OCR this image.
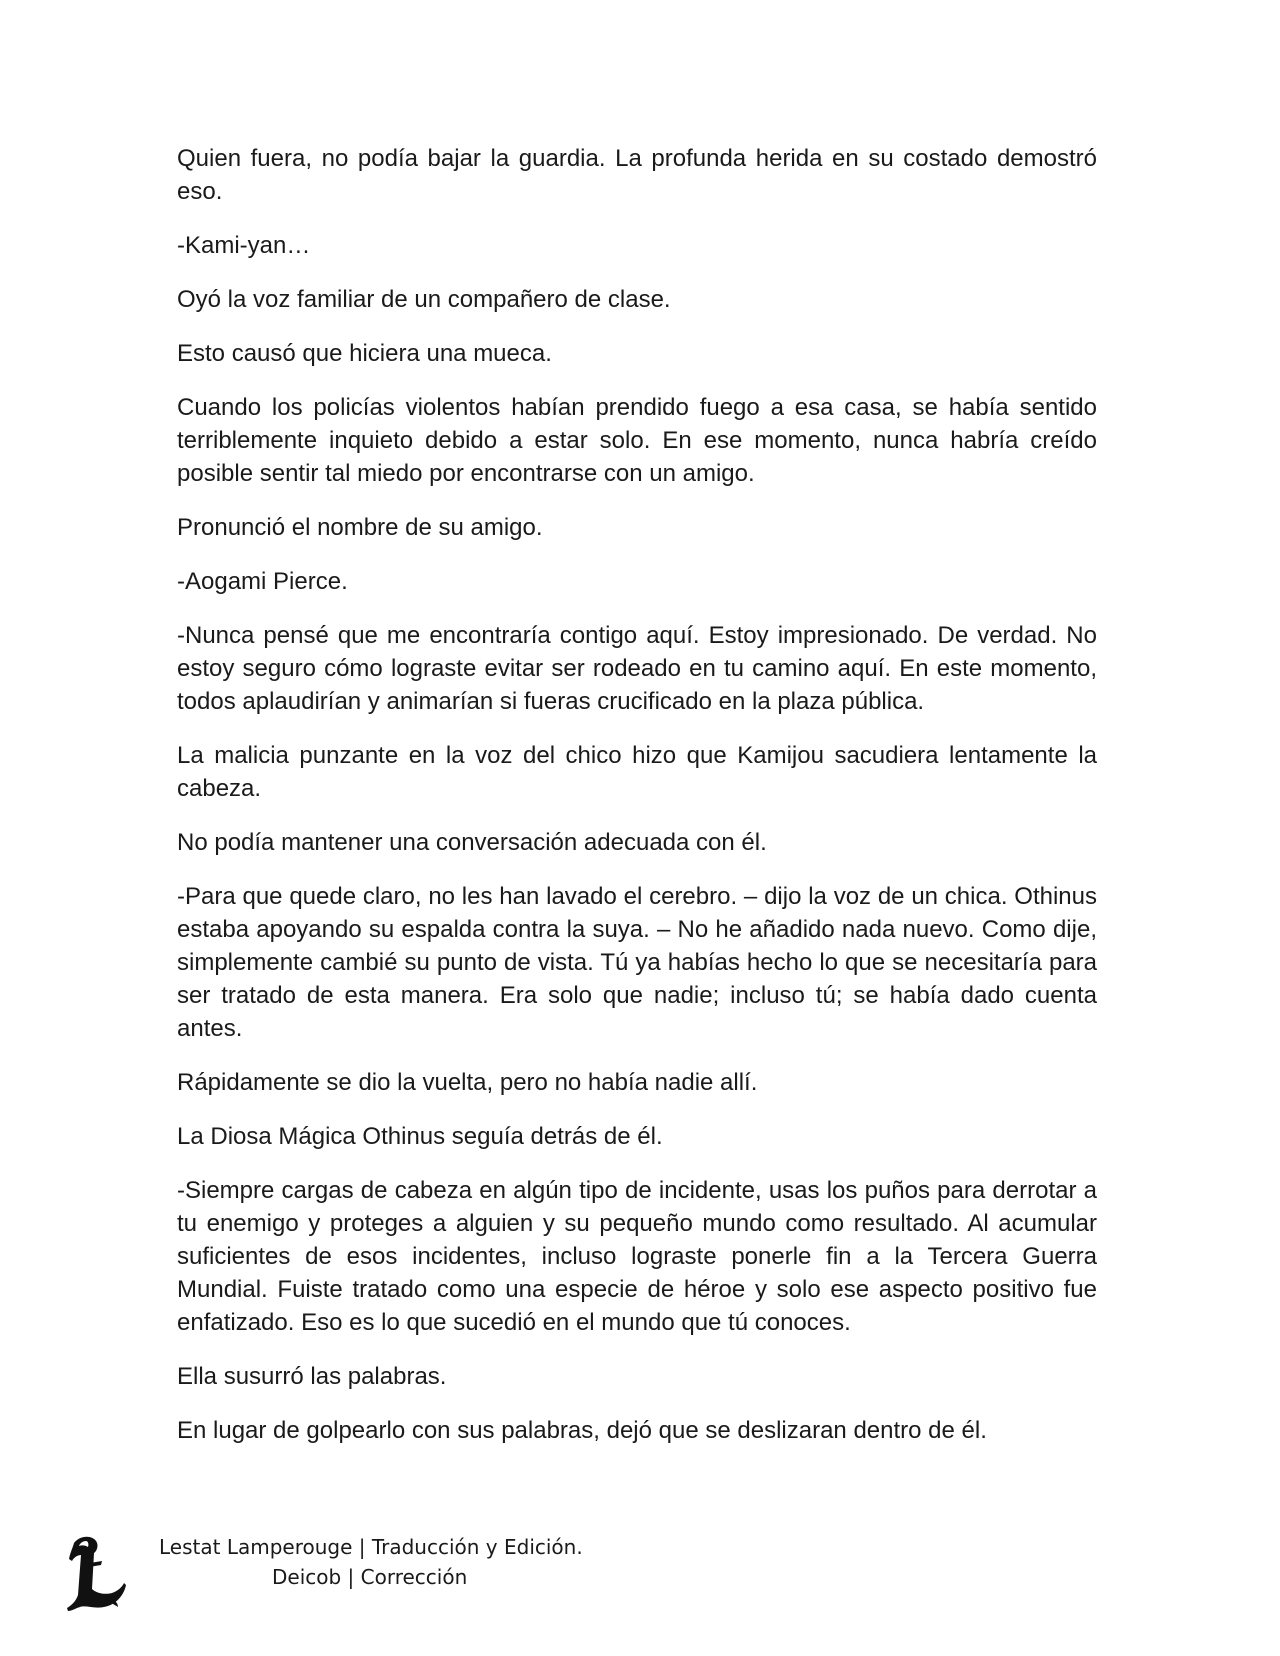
Quien fuera, no podía bajar la guardia. La profunda herida en su costado demostró eso.

-Kami-yan…

Oyó la voz familiar de un compañero de clase.

Esto causó que hiciera una mueca.

Cuando los policías violentos habían prendido fuego a esa casa, se había sentido terriblemente inquieto debido a estar solo. En ese momento, nunca habría creído posible sentir tal miedo por encontrarse con un amigo.

Pronunció el nombre de su amigo.

-Aogami Pierce.

-Nunca pensé que me encontraría contigo aquí. Estoy impresionado. De verdad. No estoy seguro cómo lograste evitar ser rodeado en tu camino aquí. En este momento, todos aplaudirían y animarían si fueras crucificado en la plaza pública.

La malicia punzante en la voz del chico hizo que Kamijou sacudiera lentamente la cabeza.

No podía mantener una conversación adecuada con él.

-Para que quede claro, no les han lavado el cerebro. – dijo la voz de un chica. Othinus estaba apoyando su espalda contra la suya. – No he añadido nada nuevo. Como dije, simplemente cambié su punto de vista. Tú ya habías hecho lo que se necesitaría para ser tratado de esta manera. Era solo que nadie; incluso tú; se había dado cuenta antes.

Rápidamente se dio la vuelta, pero no había nadie allí.

La Diosa Mágica Othinus seguía detrás de él.

-Siempre cargas de cabeza en algún tipo de incidente, usas los puños para derrotar a tu enemigo y proteges a alguien y su pequeño mundo como resultado. Al acumular suficientes de esos incidentes, incluso lograste ponerle fin a la Tercera Guerra Mundial. Fuiste tratado como una especie de héroe y solo ese aspecto positivo fue enfatizado. Eso es lo que sucedió en el mundo que tú conoces.

Ella susurró las palabras.

En lugar de golpearlo con sus palabras, dejó que se deslizaran dentro de él.

Lestat Lamperouge | Traducción y Edición.
Deicob | Corrección
